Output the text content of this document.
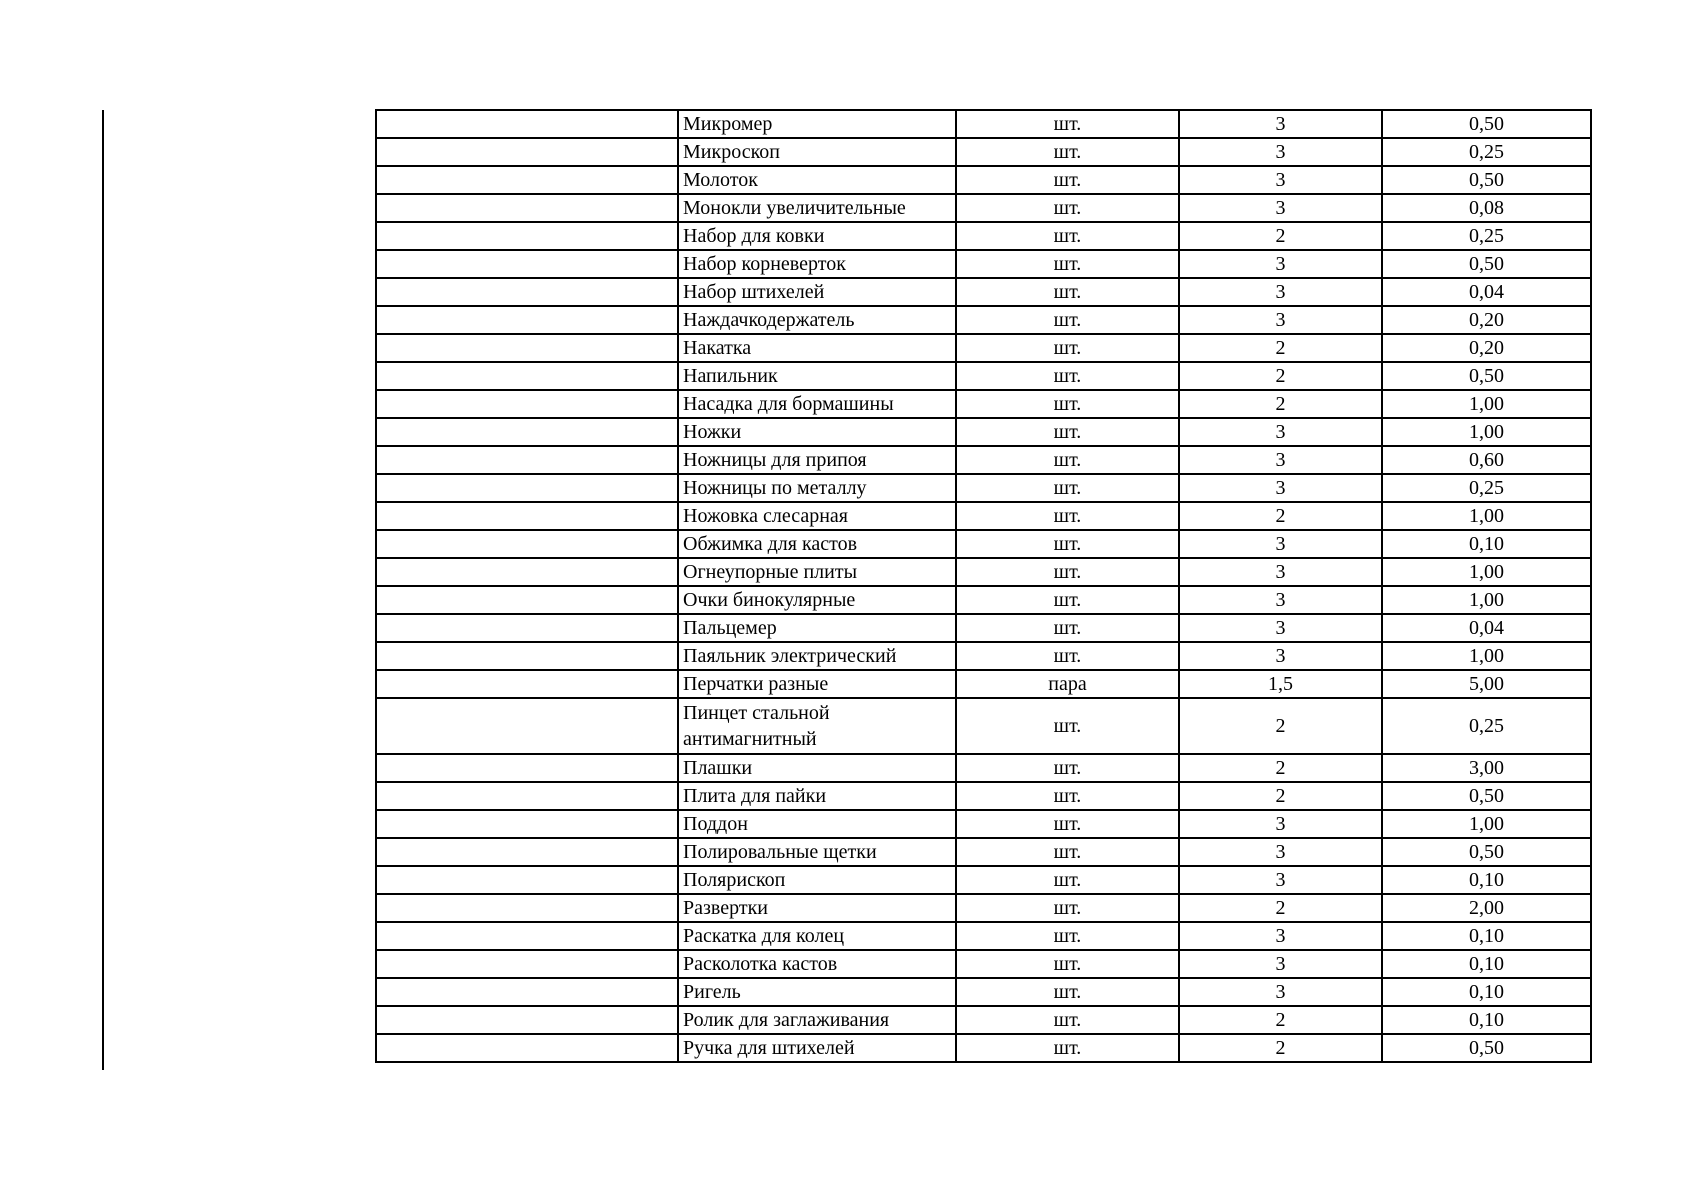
	Микромер	шт.	3	0,50
	Микроскоп	шт.	3	0,25
	Молоток	шт.	3	0,50
	Монокли увеличительные	шт.	3	0,08
	Набор для ковки	шт.	2	0,25
	Набор корневерток	шт.	3	0,50
	Набор штихелей	шт.	3	0,04
	Наждачкодержатель	шт.	3	0,20
	Накатка	шт.	2	0,20
	Напильник	шт.	2	0,50
	Насадка для бормашины	шт.	2	1,00
	Ножки	шт.	3	1,00
	Ножницы для припоя	шт.	3	0,60
	Ножницы по металлу	шт.	3	0,25
	Ножовка слесарная	шт.	2	1,00
	Обжимка для кастов	шт.	3	0,10
	Огнеупорные плиты	шт.	3	1,00
	Очки бинокулярные	шт.	3	1,00
	Пальцемер	шт.	3	0,04
	Паяльник электрический	шт.	3	1,00
	Перчатки разные	пара	1,5	5,00
	Пинцет стальной антимагнитный	шт.	2	0,25
	Плашки	шт.	2	3,00
	Плита для пайки	шт.	2	0,50
	Поддон	шт.	3	1,00
	Полировальные щетки	шт.	3	0,50
	Полярископ	шт.	3	0,10
	Развертки	шт.	2	2,00
	Раскатка для колец	шт.	3	0,10
	Расколотка кастов	шт.	3	0,10
	Ригель	шт.	3	0,10
	Ролик для заглаживания	шт.	2	0,10
	Ручка для штихелей	шт.	2	0,50
